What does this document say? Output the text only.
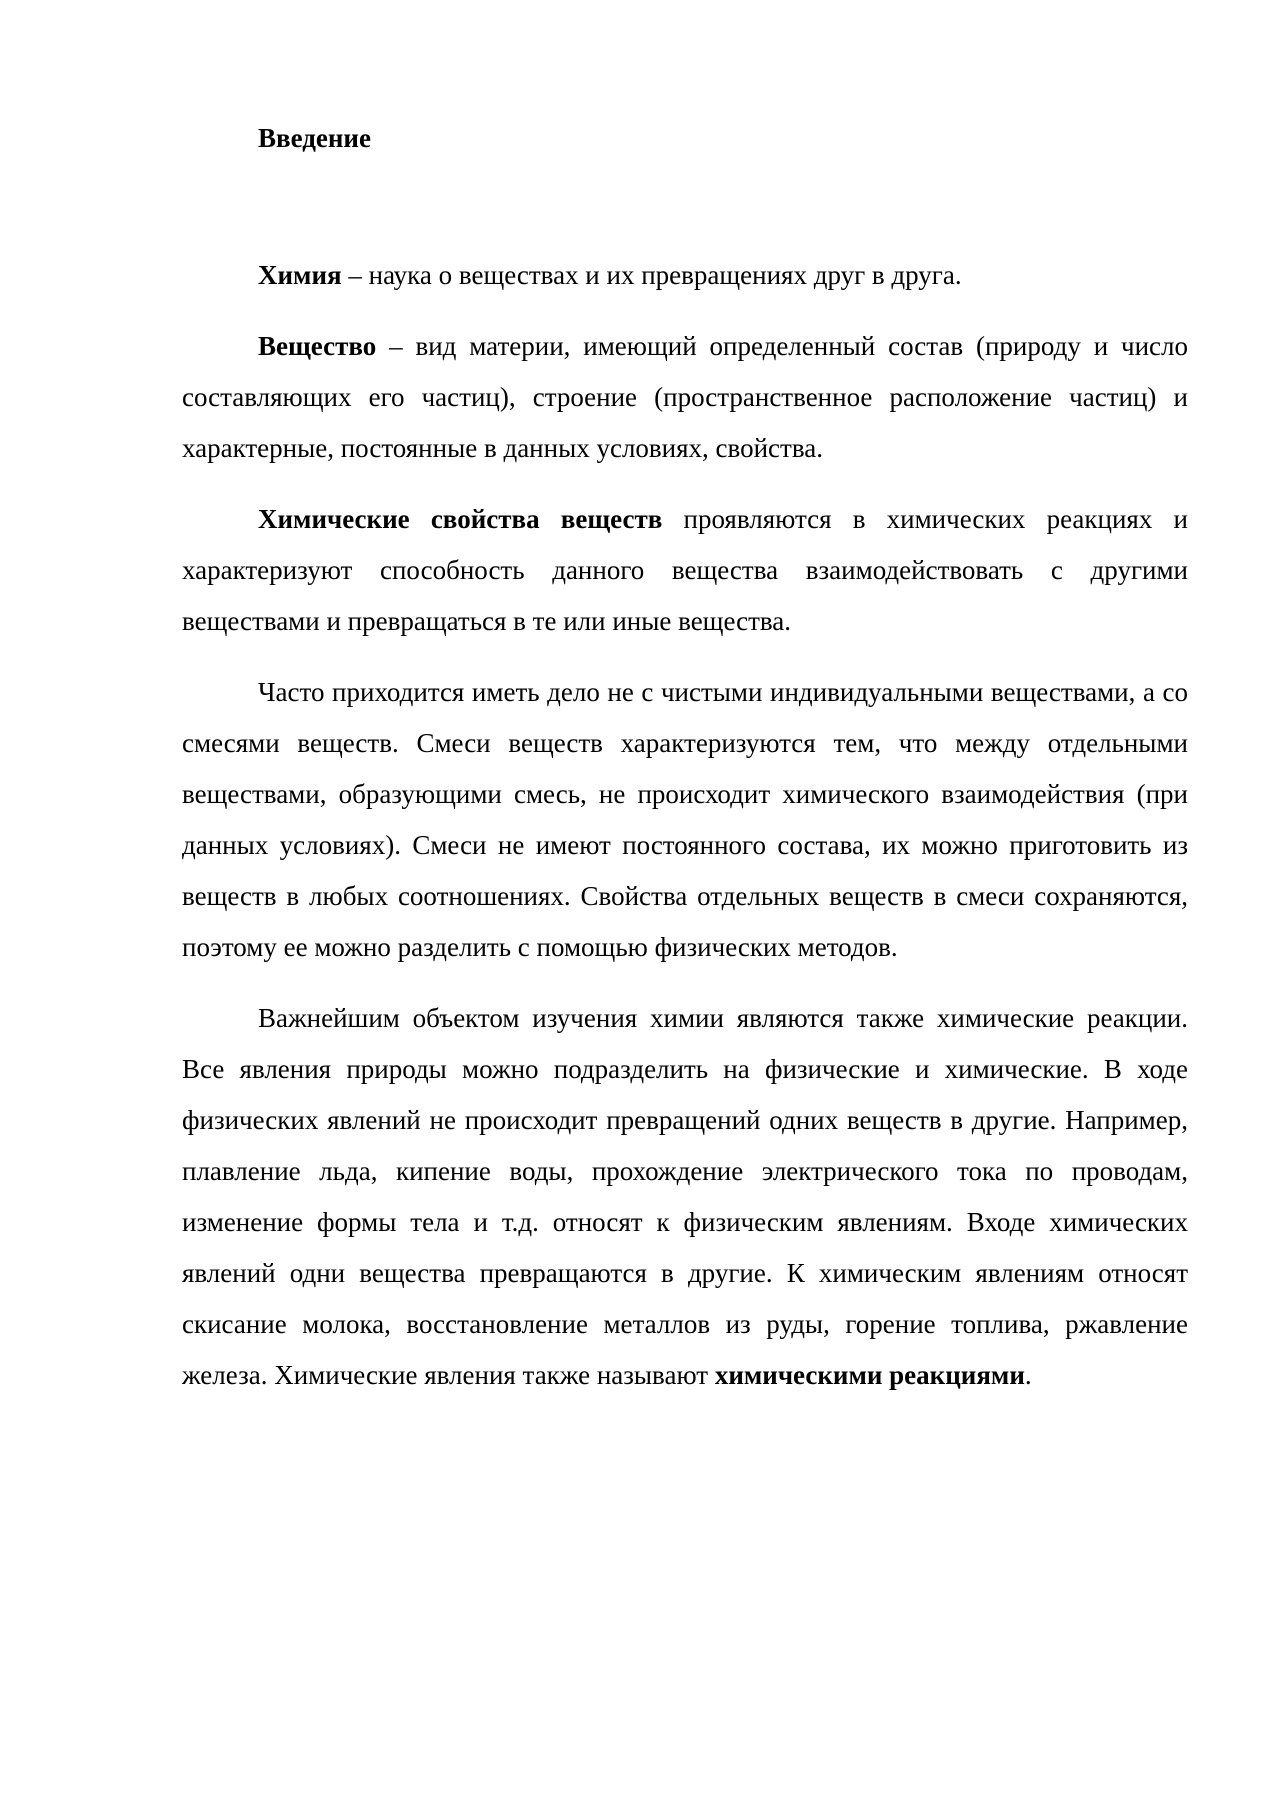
Введение

Химия – наука о веществах и их превращениях друг в друга.

Вещество – вид материи, имеющий определенный состав (природу и число составляющих его частиц), строение (пространственное расположение частиц) и характерные, постоянные в данных условиях, свойства.

Химические свойства веществ проявляются в химических реакциях и характеризуют способность данного вещества взаимодействовать с другими веществами и превращаться в те или иные вещества.

Часто приходится иметь дело не с чистыми индивидуальными веществами, а со смесями веществ. Смеси веществ характеризуются тем, что между отдельными веществами, образующими смесь, не происходит химического взаимодействия (при данных условиях). Смеси не имеют постоянного состава, их можно приготовить из веществ в любых соотношениях. Свойства отдельных веществ в смеси сохраняются, поэтому ее можно разделить с помощью физических методов.

Важнейшим объектом изучения химии являются также химические реакции. Все явления природы можно подразделить на физические и химические. В ходе физических явлений не происходит превращений одних веществ в другие. Например, плавление льда, кипение воды, прохождение электрического тока по проводам, изменение формы тела и т.д. относят к физическим явлениям. Входе химических явлений одни вещества превращаются в другие. К химическим явлениям относят скисание молока, восстановление металлов из руды, горение топлива, ржавление железа. Химические явления также называют химическими реакциями.
